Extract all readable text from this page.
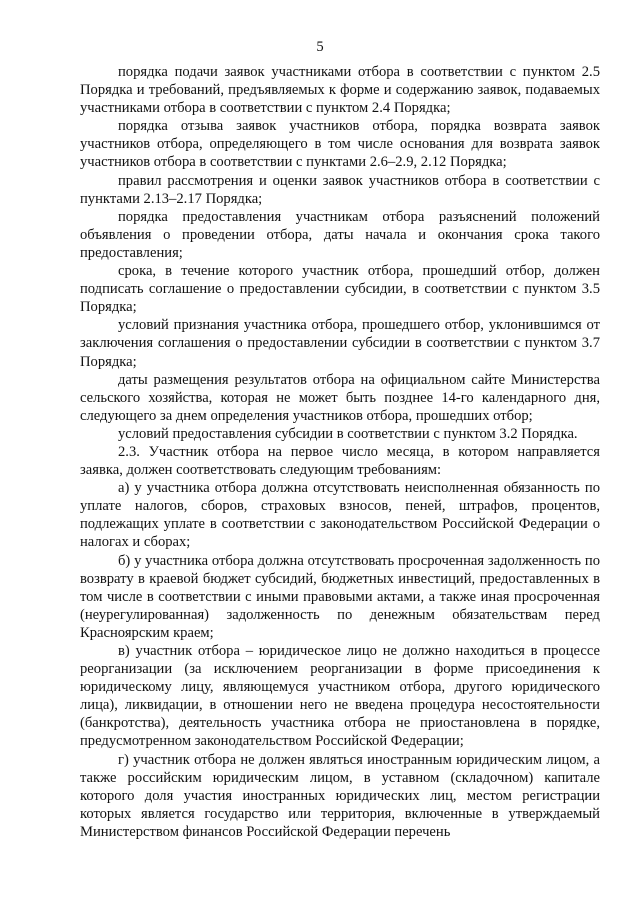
5

порядка подачи заявок участниками отбора в соответствии с пунктом 2.5 Порядка и требований, предъявляемых к форме и содержанию заявок, подаваемых участниками отбора в соответствии с пунктом 2.4 Порядка;

порядка отзыва заявок участников отбора, порядка возврата заявок участников отбора, определяющего в том числе основания для возврата заявок участников отбора в соответствии с пунктами 2.6–2.9, 2.12 Порядка;

правил рассмотрения и оценки заявок участников отбора в соответствии с пунктами 2.13–2.17 Порядка;

порядка предоставления участникам отбора разъяснений положений объявления о проведении отбора, даты начала и окончания срока такого предоставления;

срока, в течение которого участник отбора, прошедший отбор, должен подписать соглашение о предоставлении субсидии, в соответствии с пунктом 3.5 Порядка;

условий признания участника отбора, прошедшего отбор, уклонившимся от заключения соглашения о предоставлении субсидии в соответствии с пунктом 3.7 Порядка;

даты размещения результатов отбора на официальном сайте Министерства сельского хозяйства, которая не может быть позднее 14-го календарного дня, следующего за днем определения участников отбора, прошедших отбор;

условий предоставления субсидии в соответствии с пунктом 3.2 Порядка.

2.3. Участник отбора на первое число месяца, в котором направляется заявка, должен соответствовать следующим требованиям:

а) у участника отбора должна отсутствовать неисполненная обязанность по уплате налогов, сборов, страховых взносов, пеней, штрафов, процентов, подлежащих уплате в соответствии с законодательством Российской Федерации о налогах и сборах;

б) у участника отбора должна отсутствовать просроченная задолженность по возврату в краевой бюджет субсидий, бюджетных инвестиций, предоставленных в том числе в соответствии с иными правовыми актами, а также иная просроченная (неурегулированная) задолженность по денежным обязательствам перед Красноярским краем;

в) участник отбора – юридическое лицо не должно находиться в процессе реорганизации (за исключением реорганизации в форме присоединения к юридическому лицу, являющемуся участником отбора, другого юридического лица), ликвидации, в отношении него не введена процедура несостоятельности (банкротства), деятельность участника отбора не приостановлена в порядке, предусмотренном законодательством Российской Федерации;

г) участник отбора не должен являться иностранным юридическим лицом, а также российским юридическим лицом, в уставном (складочном) капитале которого доля участия иностранных юридических лиц, местом регистрации которых является государство или территория, включенные в утверждаемый Министерством финансов Российской Федерации перечень
